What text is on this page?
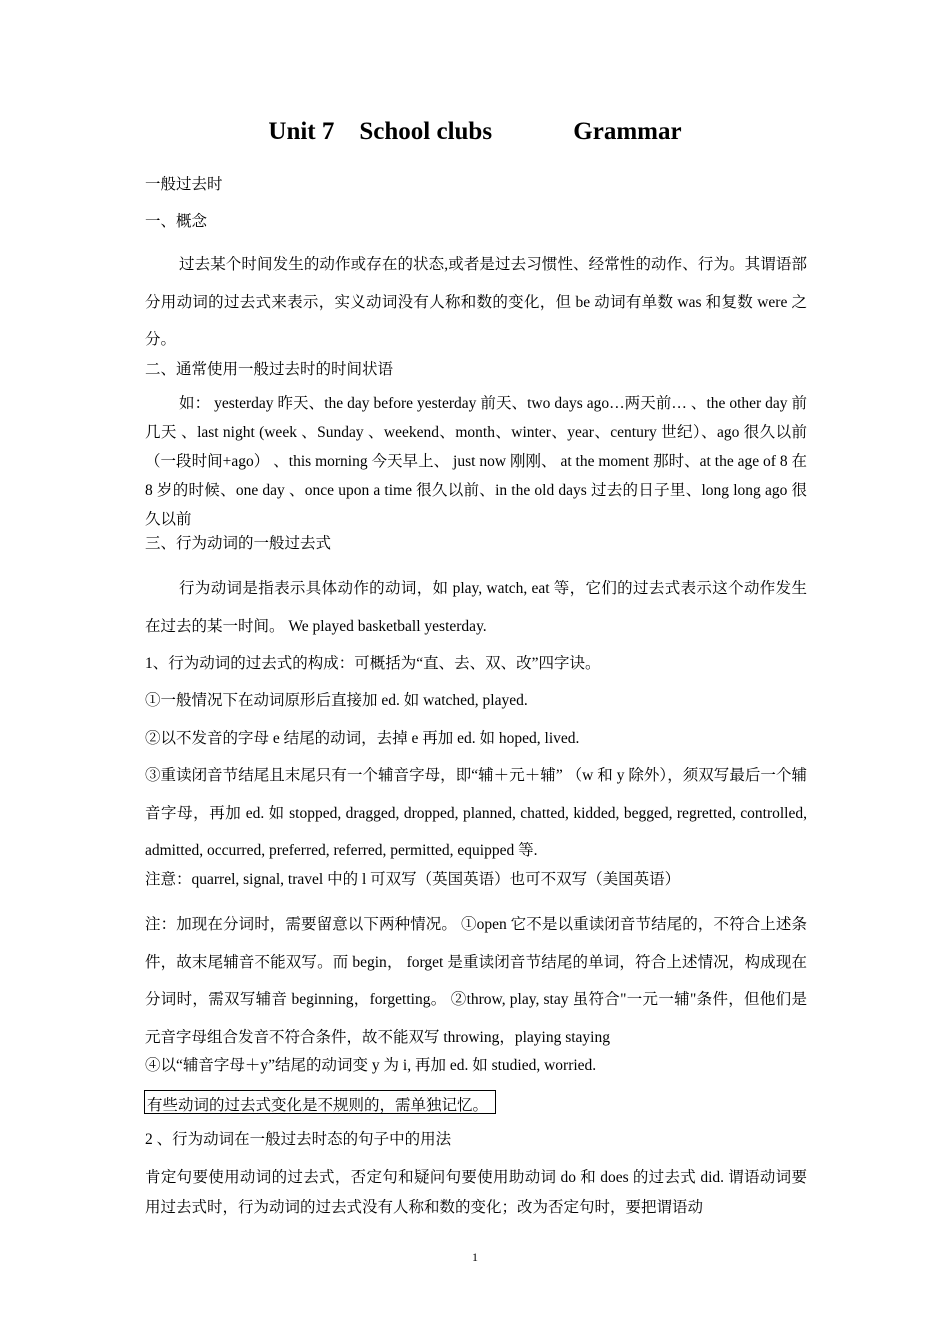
Unit 7    School clubs             Grammar

一般过去时

一、概念

过去某个时间发生的动作或存在的状态,或者是过去习惯性、经常性的动作、行为。其谓语部分用动词的过去式来表示，实义动词没有人称和数的变化，但 be 动词有单数 was 和复数 were 之分。

二、通常使用一般过去时的时间状语

如： yesterday 昨天、the day before yesterday 前天、two days ago…两天前… 、the other day 前几天 、last night (week 、Sunday 、weekend、month、winter、year、century 世纪）、ago 很久以前（一段时间+ago） 、this morning 今天早上、 just now 刚刚、 at the moment 那时、at the age of 8 在 8 岁的时候、one day 、once upon a time 很久以前、in the old days 过去的日子里、long long ago 很久以前

三、行为动词的一般过去式

行为动词是指表示具体动作的动词，如 play, watch, eat 等，它们的过去式表示这个动作发生在过去的某一时间。 We played basketball yesterday.

1、行为动词的过去式的构成：可概括为“直、去、双、改”四字诀。

①一般情况下在动词原形后直接加 ed. 如 watched, played.

②以不发音的字母 e 结尾的动词，去掉 e 再加 ed. 如 hoped, lived.

③重读闭音节结尾且末尾只有一个辅音字母，即“辅＋元＋辅” （w 和 y 除外），须双写最后一个辅音字母，再加 ed. 如 stopped, dragged, dropped, planned, chatted, kidded, begged, regretted, controlled, admitted, occurred, preferred, referred, permitted, equipped 等.

注意：quarrel, signal, travel 中的 l 可双写（英国英语）也可不双写（美国英语）

注：加现在分词时，需要留意以下两种情况。 ①open 它不是以重读闭音节结尾的，不符合上述条件，故末尾辅音不能双写。而 begin， forget 是重读闭音节结尾的单词，符合上述情况，构成现在分词时，需双写辅音 beginning，forgetting。 ②throw, play, stay 虽符合"一元一辅"条件，但他们是元音字母组合发音不符合条件，故不能双写 throwing，playing staying

④以“辅音字母＋y”结尾的动词变 y 为 i, 再加 ed. 如 studied, worried.

有些动词的过去式变化是不规则的，需单独记忆。

2 、行为动词在一般过去时态的句子中的用法

肯定句要使用动词的过去式，否定句和疑问句要使用助动词 do 和 does 的过去式 did. 谓语动词要用过去式时，行为动词的过去式没有人称和数的变化；改为否定句时，要把谓语动

1
